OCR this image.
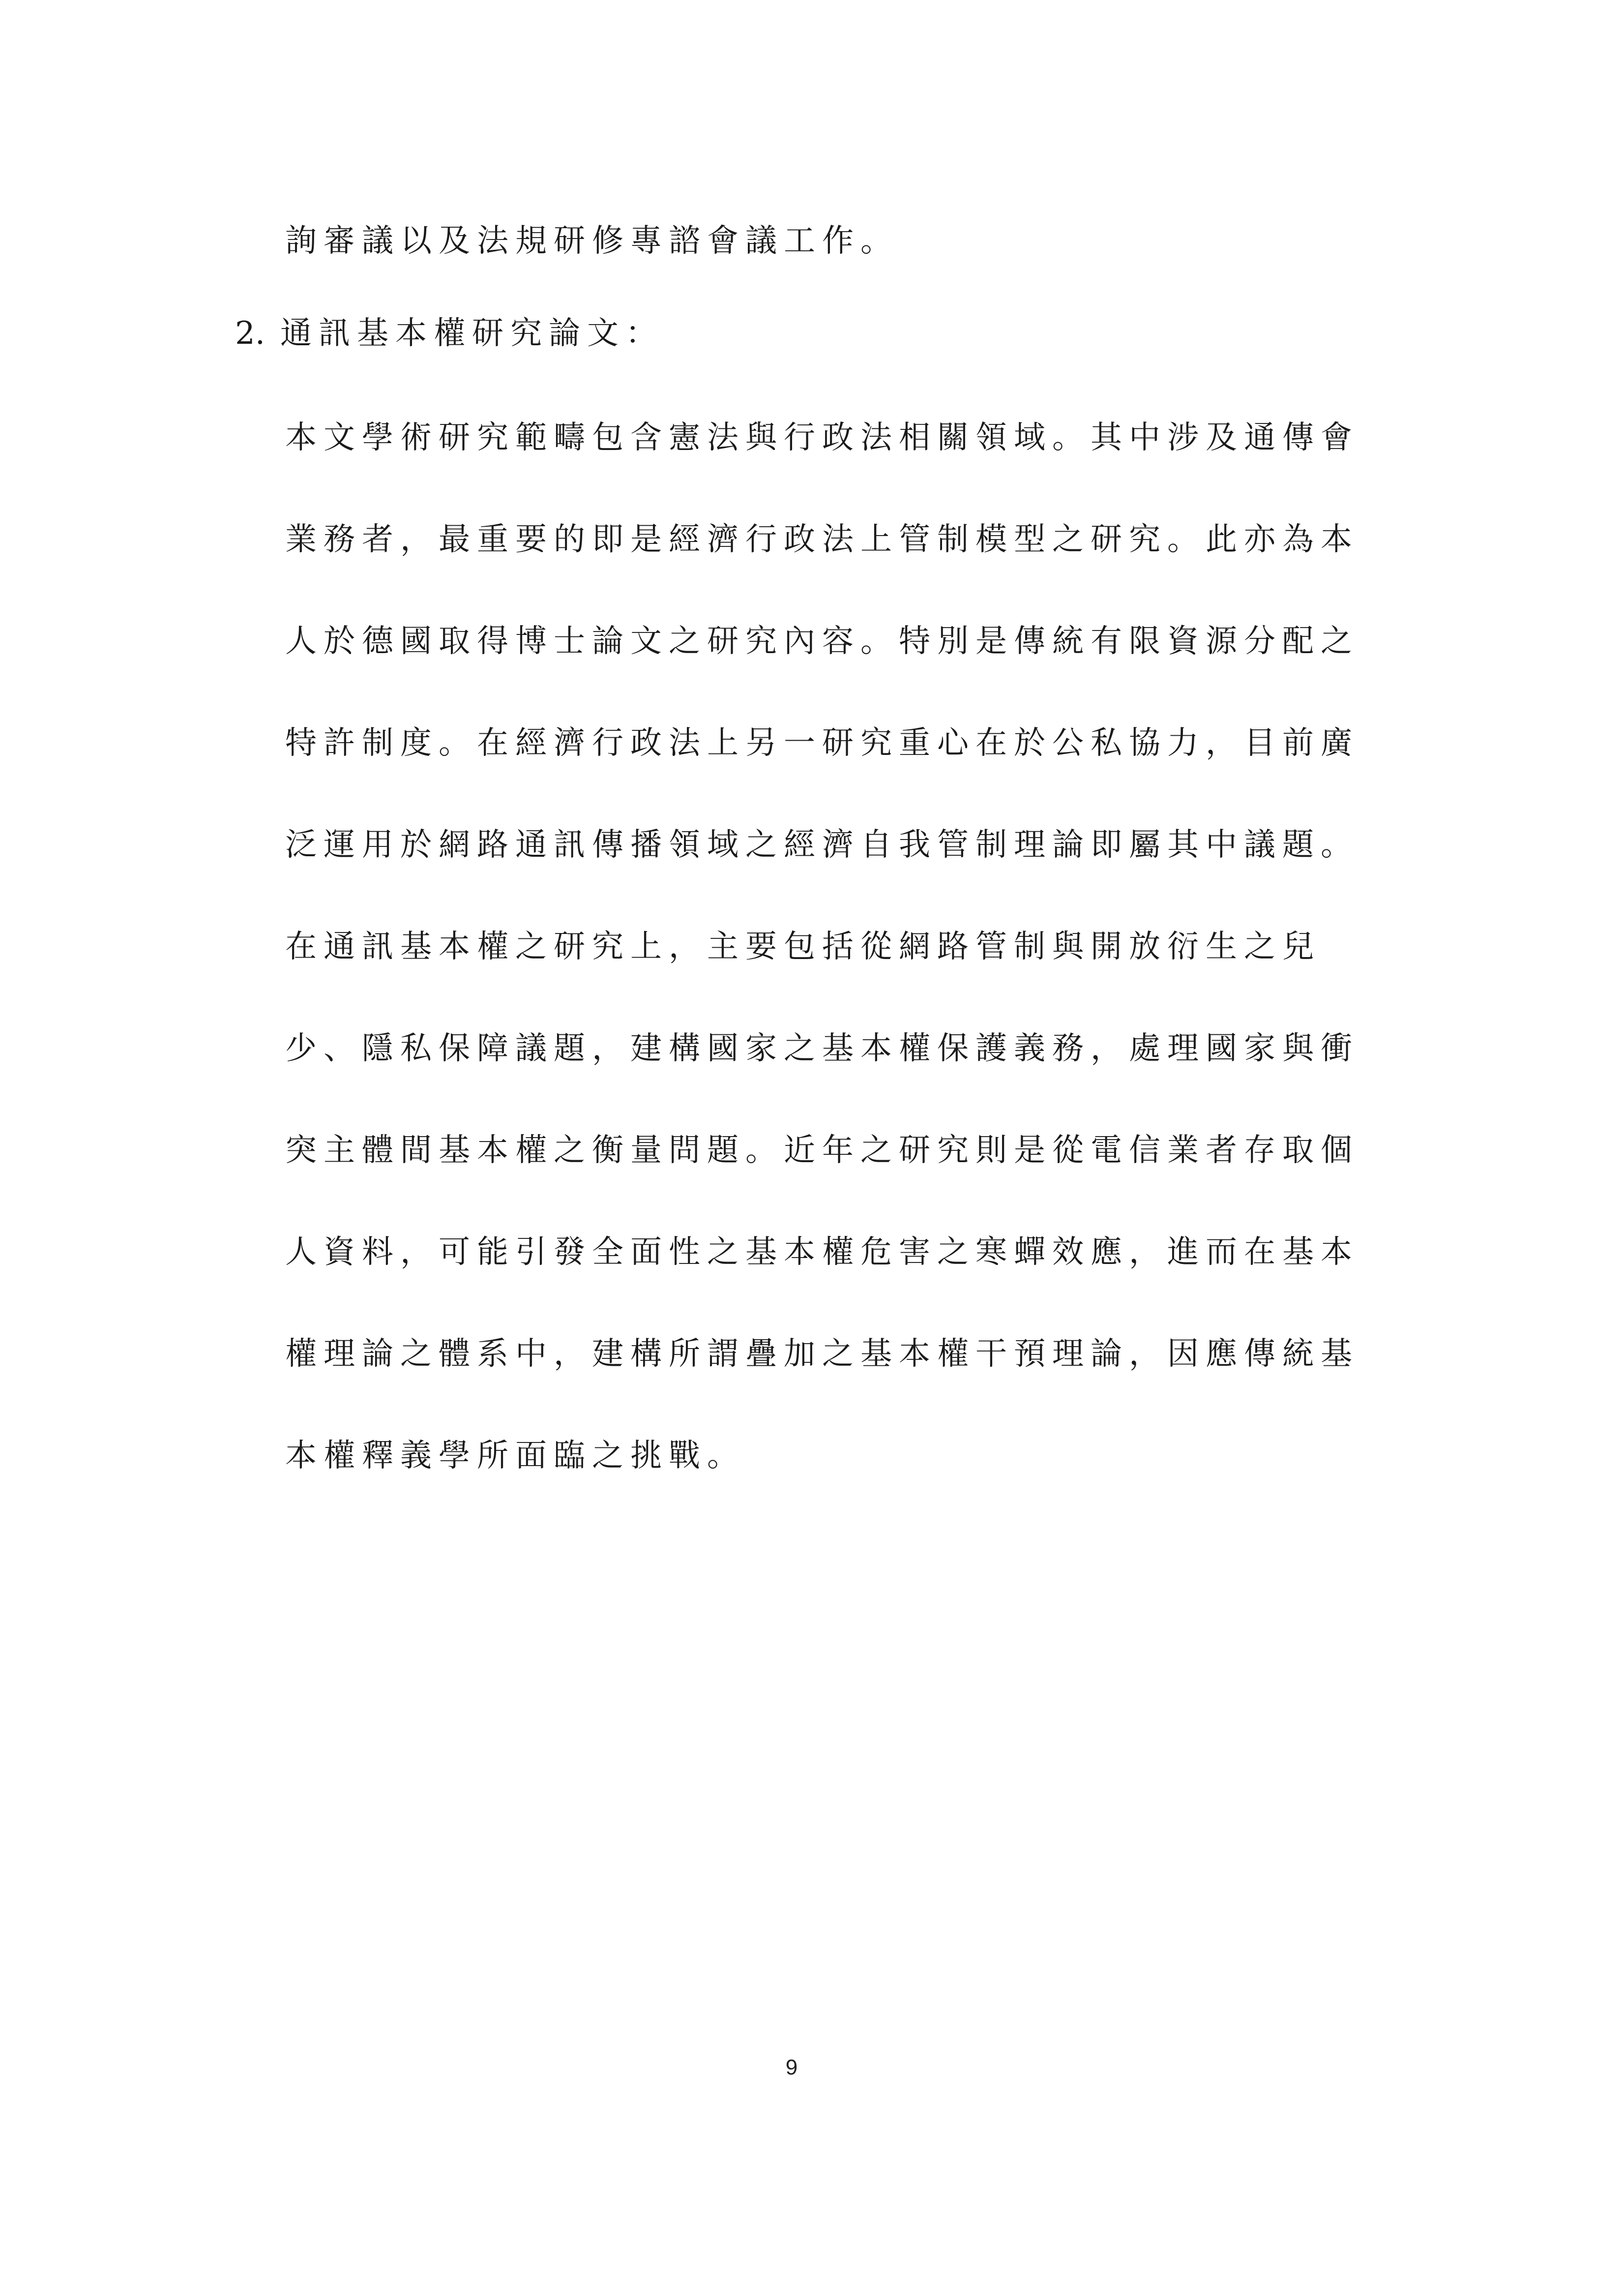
詢審議以及法規研修專諮會議工作。
2. 通訊基本權研究論文：
本文學術研究範疇包含憲法與行政法相關領域。其中涉及通傳會
業務者，最重要的即是經濟行政法上管制模型之研究。此亦為本
人於德國取得博士論文之研究內容。特別是傳統有限資源分配之
特許制度。在經濟行政法上另一研究重心在於公私協力，目前廣
泛運用於網路通訊傳播領域之經濟自我管制理論即屬其中議題。
在通訊基本權之研究上，主要包括從網路管制與開放衍生之兒
少、隱私保障議題，建構國家之基本權保護義務，處理國家與衝
突主體間基本權之衡量問題。近年之研究則是從電信業者存取個
人資料，可能引發全面性之基本權危害之寒蟬效應，進而在基本
權理論之體系中，建構所謂疊加之基本權干預理論，因應傳統基
本權釋義學所面臨之挑戰。
9
